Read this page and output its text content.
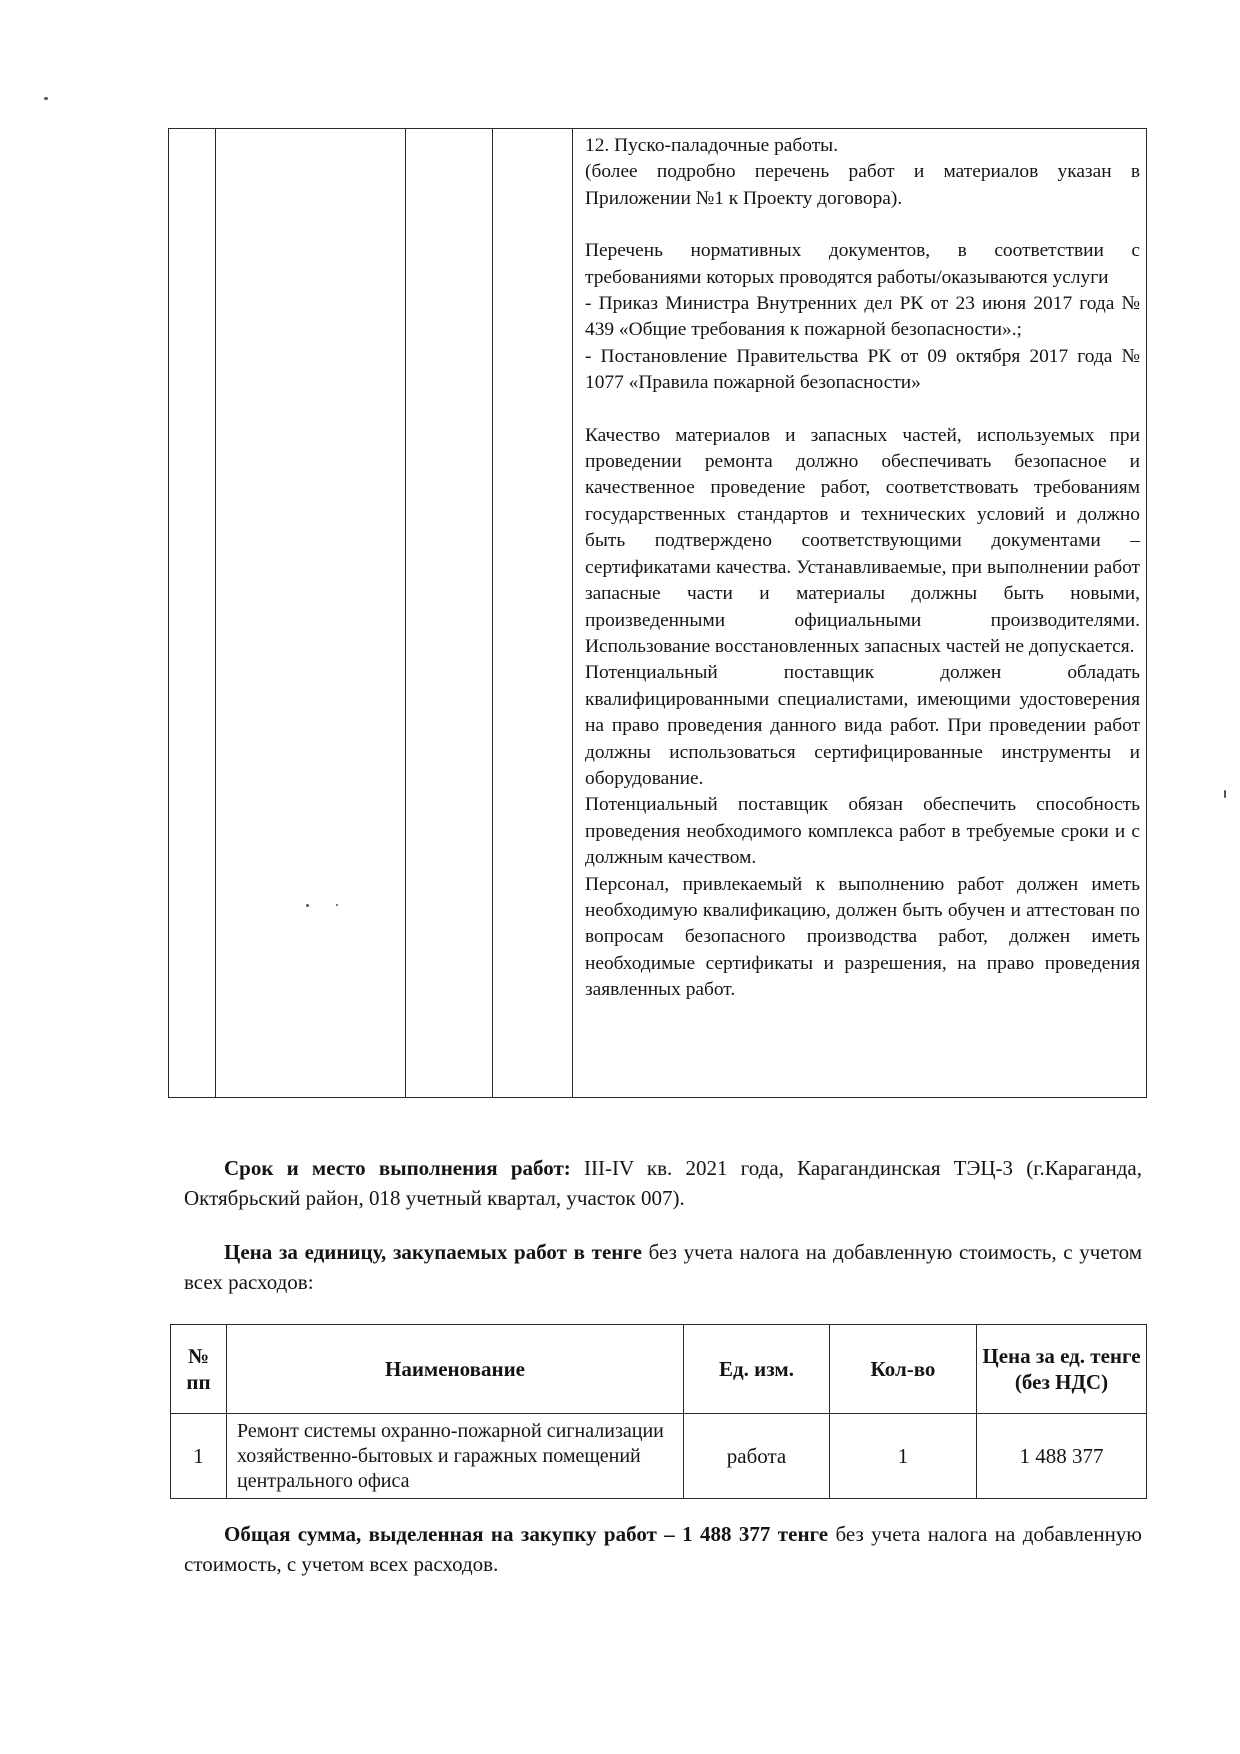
12. Пуско-паладочные работы.

(более подробно перечень работ и материалов указан в Приложении №1 к Проекту договора).

Перечень нормативных документов, в соответствии с требованиями которых проводятся работы/оказываются услуги

- Приказ Министра Внутренних дел РК от 23 июня 2017 года № 439 «Общие требования к пожарной безопасности».;

- Постановление Правительства РК от 09 октября 2017 года № 1077 «Правила пожарной безопасности»

Качество материалов и запасных частей, используемых при проведении ремонта должно обеспечивать безопасное и качественное проведение работ, соответствовать требованиям государственных стандартов и технических условий и должно быть подтверждено соответствующими документами – сертификатами качества. Устанавливаемые, при выполнении работ запасные части и материалы должны быть новыми, произведенными официальными производителями. Использование восстановленных запасных частей не допускается.

Потенциальный поставщик должен обладать квалифицированными специалистами, имеющими удостоверения на право проведения данного вида работ. При проведении работ должны использоваться сертифицированные инструменты и оборудование.

Потенциальный поставщик обязан обеспечить способность проведения необходимого комплекса работ в требуемые сроки и с должным качеством.

Персонал, привлекаемый к выполнению работ должен иметь необходимую квалификацию, должен быть обучен и аттестован по вопросам безопасного производства работ, должен иметь необходимые сертификаты и разрешения, на право проведения заявленных работ.

Срок и место выполнения работ: III-IV кв. 2021 года, Карагандинская ТЭЦ-3 (г.Караганда, Октябрьский район, 018 учетный квартал, участок 007).
Цена за единицу, закупаемых работ в тенге без учета налога на добавленную стоимость, с учетом всех расходов:
№ пп	Наименование	Ед. изм.	Кол-во	Цена за ед. тенге (без НДС)
1	Ремонт системы охранно-пожарной сигнализации хозяйственно-бытовых и гаражных помещений центрального офиса	работа	1	1 488 377
Общая сумма, выделенная на закупку работ – 1 488 377 тенге без учета налога на добавленную стоимость, с учетом всех расходов.
